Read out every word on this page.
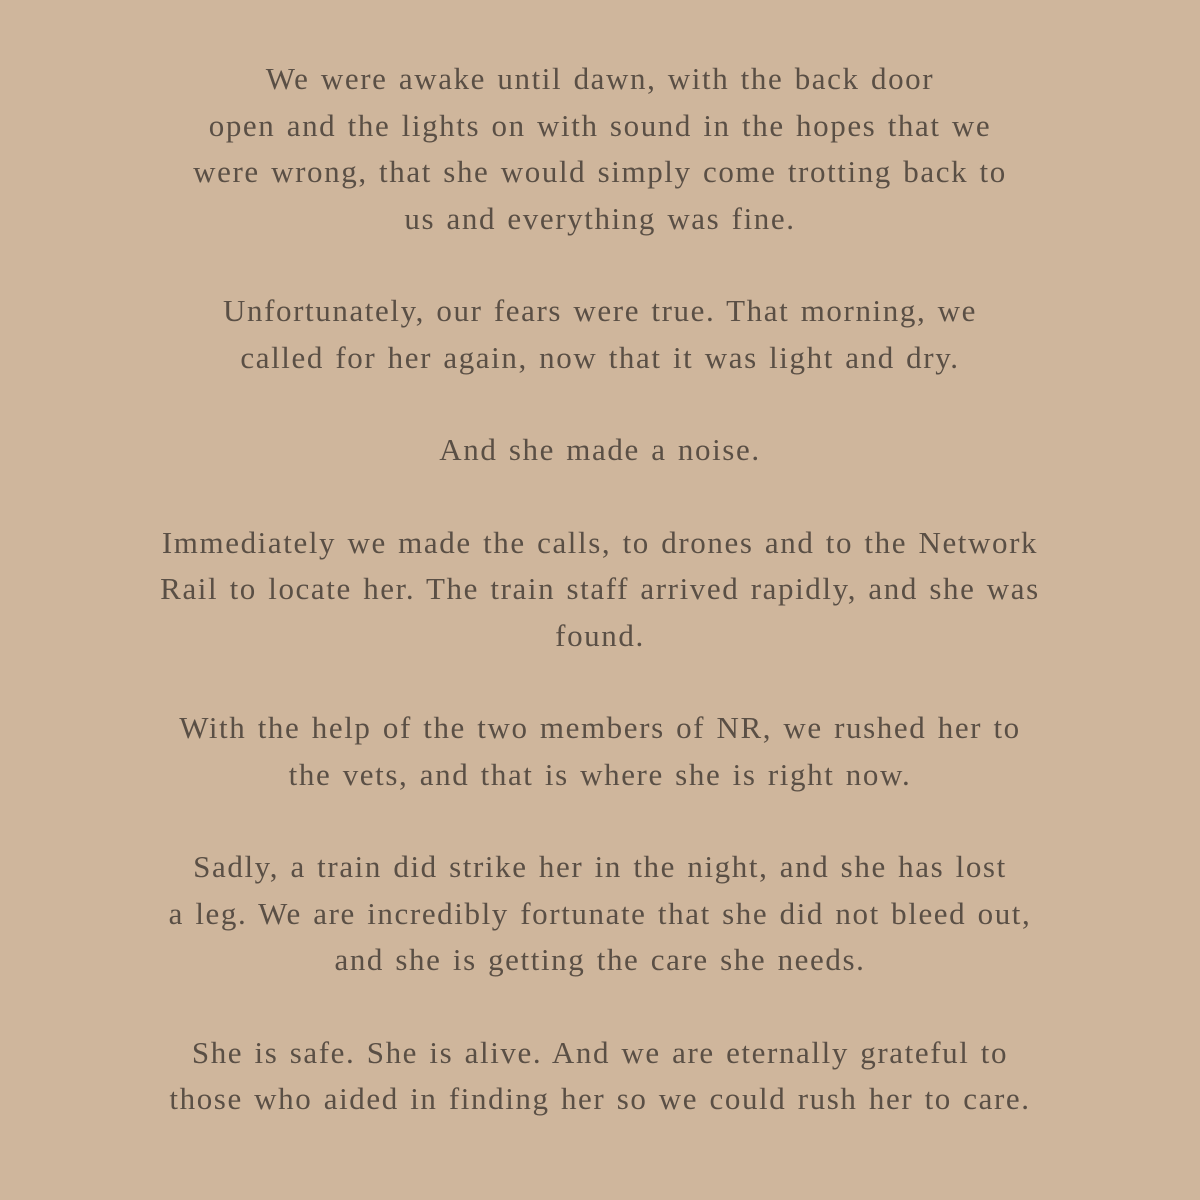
We were awake until dawn, with the back door
open and the lights on with sound in the hopes that we
were wrong, that she would simply come trotting back to
us and everything was fine.

Unfortunately, our fears were true. That morning, we
called for her again, now that it was light and dry.

And she made a noise.

Immediately we made the calls, to drones and to the Network
Rail to locate her. The train staff arrived rapidly, and she was
found.

With the help of the two members of NR, we rushed her to
the vets, and that is where she is right now.

Sadly, a train did strike her in the night, and she has lost
a leg. We are incredibly fortunate that she did not bleed out,
and she is getting the care she needs.

She is safe. She is alive. And we are eternally grateful to
those who aided in finding her so we could rush her to care.
